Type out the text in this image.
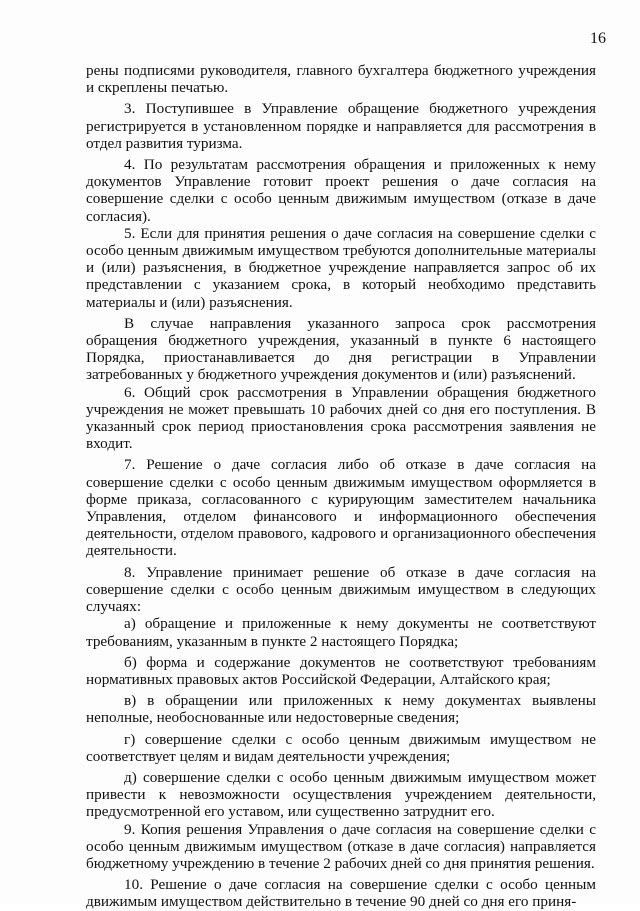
16

рены подписями руководителя, главного бухгалтера бюджетного учреждения и скреплены печатью.

3. Поступившее в Управление обращение бюджетного учреждения регистрируется в установленном порядке и направляется для рассмотрения в отдел развития туризма.

4. По результатам рассмотрения обращения и приложенных к нему документов Управление готовит проект решения о даче согласия на совершение сделки с особо ценным движимым имуществом (отказе в даче согласия).

5. Если для принятия решения о даче согласия на совершение сделки с особо ценным движимым имуществом требуются дополнительные материалы и (или) разъяснения, в бюджетное учреждение направляется запрос об их представлении с указанием срока, в который необходимо представить материалы и (или) разъяснения.

В случае направления указанного запроса срок рассмотрения обращения бюджетного учреждения, указанный в пункте 6 настоящего Порядка, приостанавливается до дня регистрации в Управлении затребованных у бюджетного учреждения документов и (или) разъяснений.

6. Общий срок рассмотрения в Управлении обращения бюджетного учреждения не может превышать 10 рабочих дней со дня его поступления. В указанный срок период приостановления срока рассмотрения заявления не входит.

7. Решение о даче согласия либо об отказе в даче согласия на совершение сделки с особо ценным движимым имуществом оформляется в форме приказа, согласованного с курирующим заместителем начальника Управления, отделом финансового и информационного обеспечения деятельности, отделом правового, кадрового и организационного обеспечения деятельности.

8. Управление принимает решение об отказе в даче согласия на совершение сделки с особо ценным движимым имуществом в следующих случаях:

а) обращение и приложенные к нему документы не соответствуют требованиям, указанным в пункте 2 настоящего Порядка;

б) форма и содержание документов не соответствуют требованиям нормативных правовых актов Российской Федерации, Алтайского края;

в) в обращении или приложенных к нему документах выявлены неполные, необоснованные или недостоверные сведения;

г) совершение сделки с особо ценным движимым имуществом не соответствует целям и видам деятельности учреждения;

д) совершение сделки с особо ценным движимым имуществом может привести к невозможности осуществления учреждением деятельности, предусмотренной его уставом, или существенно затруднит его.

9. Копия решения Управления о даче согласия на совершение сделки с особо ценным движимым имуществом (отказе в даче согласия) направляется бюджетному учреждению в течение 2 рабочих дней со дня принятия решения.

10. Решение о даче согласия на совершение сделки с особо ценным движимым имуществом действительно в течение 90 дней со дня его приня-
